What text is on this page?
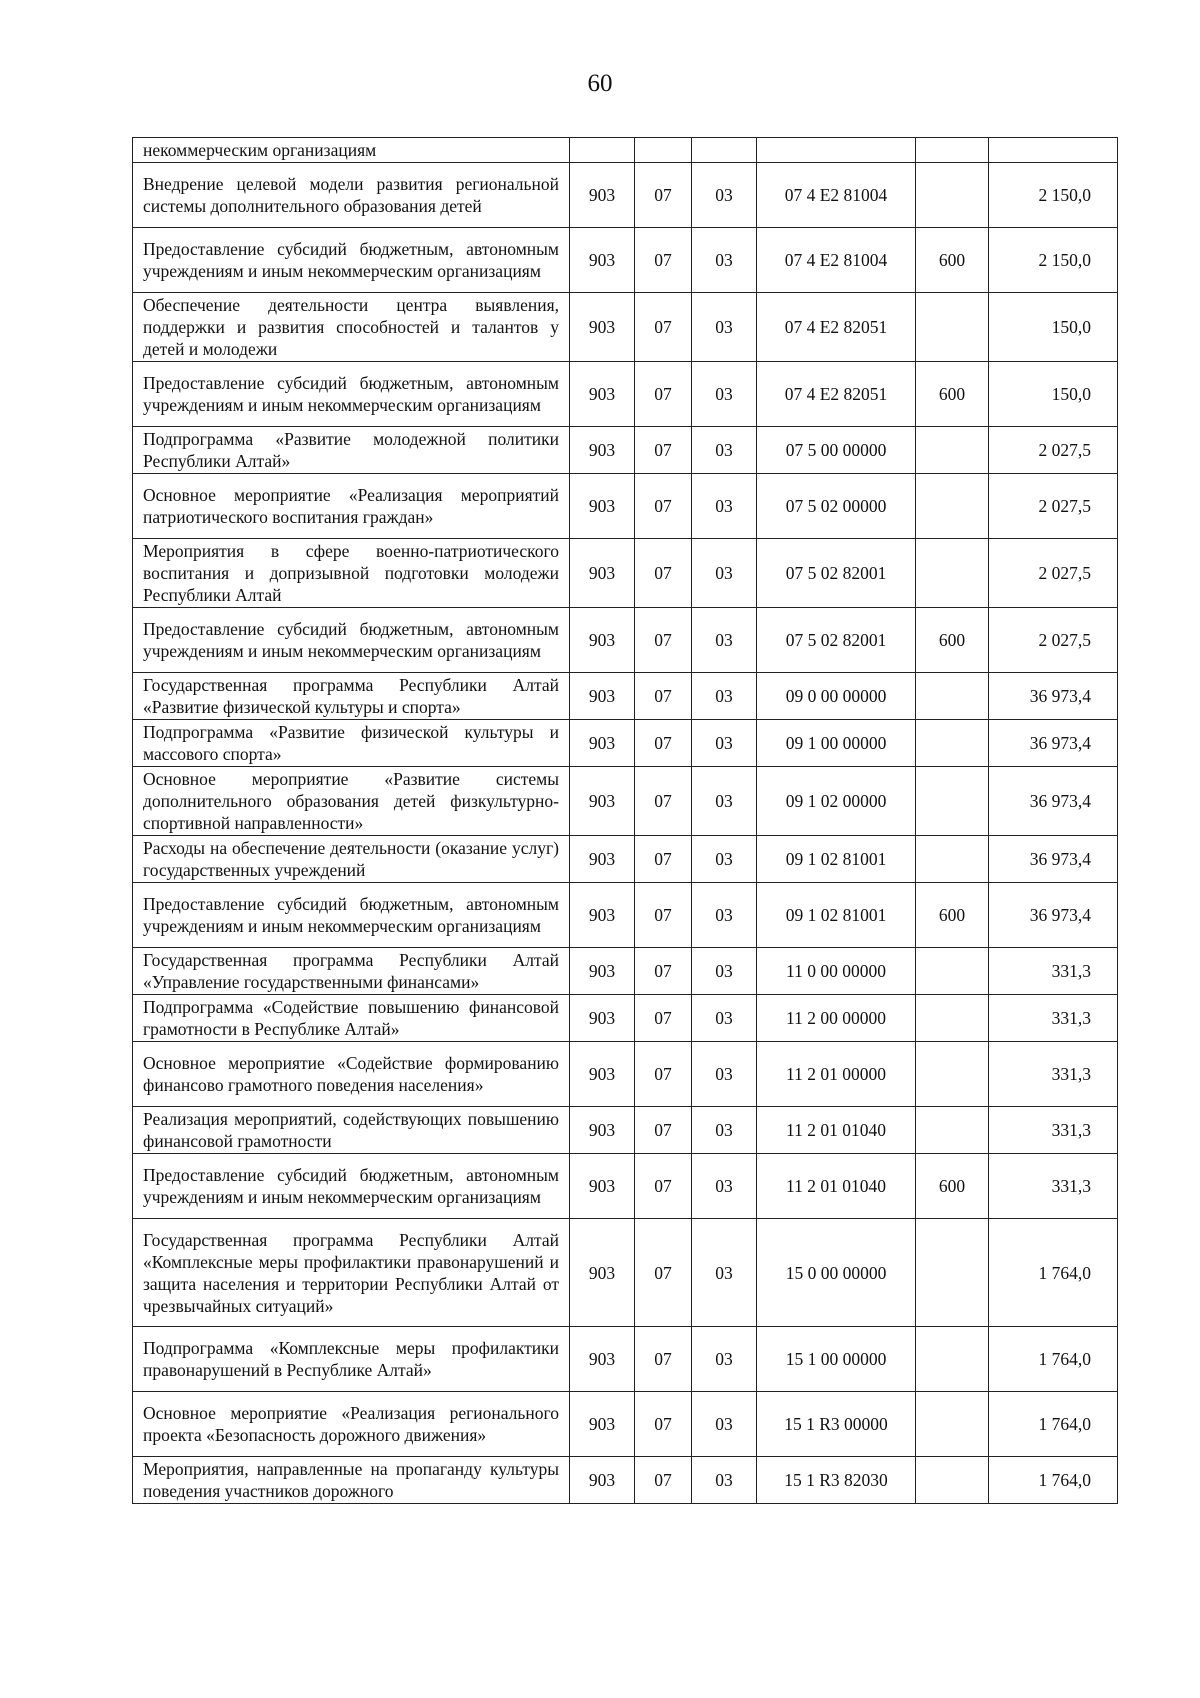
60
некоммерческим организациям						
Внедрение целевой модели развития региональной системы дополнительного образования детей	903	07	03	07 4 E2 81004		2 150,0
Предоставление субсидий бюджетным, автономным учреждениям и иным некоммерческим организациям	903	07	03	07 4 E2 81004	600	2 150,0
Обеспечение деятельности центра выявления, поддержки и развития способностей и талантов у детей и молодежи	903	07	03	07 4 E2 82051		150,0
Предоставление субсидий бюджетным, автономным учреждениям и иным некоммерческим организациям	903	07	03	07 4 E2 82051	600	150,0
Подпрограмма «Развитие молодежной политики Республики Алтай»	903	07	03	07 5 00 00000		2 027,5
Основное мероприятие «Реализация мероприятий патриотического воспитания граждан»	903	07	03	07 5 02 00000		2 027,5
Мероприятия в сфере военно-патриотического воспитания и допризывной подготовки молодежи Республики Алтай	903	07	03	07 5 02 82001		2 027,5
Предоставление субсидий бюджетным, автономным учреждениям и иным некоммерческим организациям	903	07	03	07 5 02 82001	600	2 027,5
Государственная программа Республики Алтай «Развитие физической культуры и спорта»	903	07	03	09 0 00 00000		36 973,4
Подпрограмма «Развитие физической культуры и массового спорта»	903	07	03	09 1 00 00000		36 973,4
Основное мероприятие «Развитие системы дополнительного образования детей физкультурно-спортивной направленности»	903	07	03	09 1 02 00000		36 973,4
Расходы на обеспечение деятельности (оказание услуг) государственных учреждений	903	07	03	09 1 02 81001		36 973,4
Предоставление субсидий бюджетным, автономным учреждениям и иным некоммерческим организациям	903	07	03	09 1 02 81001	600	36 973,4
Государственная программа Республики Алтай «Управление государственными финансами»	903	07	03	11 0 00 00000		331,3
Подпрограмма «Содействие повышению финансовой грамотности в Республике Алтай»	903	07	03	11 2 00 00000		331,3
Основное мероприятие «Содействие формированию финансово грамотного поведения населения»	903	07	03	11 2 01 00000		331,3
Реализация мероприятий, содействующих повышению финансовой грамотности	903	07	03	11 2 01 01040		331,3
Предоставление субсидий бюджетным, автономным учреждениям и иным некоммерческим организациям	903	07	03	11 2 01 01040	600	331,3
Государственная программа Республики Алтай «Комплексные меры профилактики правонарушений и защита населения и территории Республики Алтай от чрезвычайных ситуаций»	903	07	03	15 0 00 00000		1 764,0
Подпрограмма «Комплексные меры профилактики правонарушений в Республике Алтай»	903	07	03	15 1 00 00000		1 764,0
Основное мероприятие «Реализация регионального проекта «Безопасность дорожного движения»	903	07	03	15 1 R3 00000		1 764,0
Мероприятия, направленные на пропаганду культуры поведения участников дорожного	903	07	03	15 1 R3 82030		1 764,0
